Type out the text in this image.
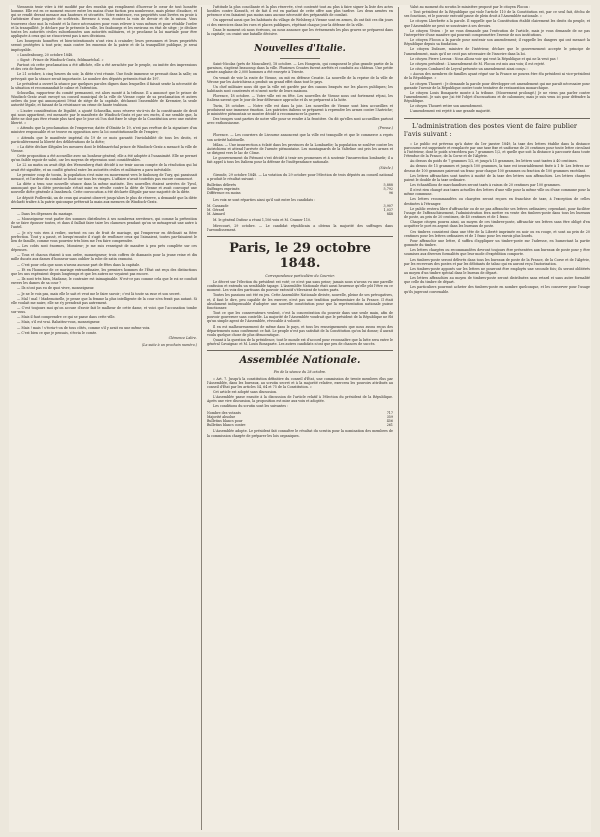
Vienneois tenir vitre à été modifié par des envahis qui remplissent d'horreur le cœur de tout honnête homme. Elle est en ce moment encore entre les mains d'une faction peu nombreuse, mais pleine d'audace, et qui se rendit devant menace aux hauteurs et sécurités. Votre existence, vos propriétés sont livrées en proie à l'arbitraire d'une poignée de scélérats. Revenez à vous, écoutez la voix de devoir et de la raison. Vous trouverez chez moi la volonté et la force nécessaires pour vous relever à vous mêmes et pour rétablir l'ordre et la tranquillité. Je déclare par le présente la ville, les faubourgs et les environs en état de siège ; je déclare toutes les autorités civiles subordonnées aux autorités militaires, et je proclame la loi martiale pour être appliquée à ceux qui ne s'inscrivent pas à mes décisions.

Les bourgeois honnêtes et bien-intentionnés n'ont rien à craindre; leurs personnes et leurs propriétés seront protégées à tout prix; mais contre les ennemis de la patrie et de la tranquillité publique, je serai impitoyable.

» Lundenbourg, 20 octobre 1848.

» Signé : Prince de Windisch-Gratz, feldmaréchal. »

Partout où cette proclamation a été affichée, elle a été arrachée par le peuple, ou imitée des impressions et des cris de fureur.

Le 21 octobre, à cinq heures du soir, la diète s'est réunie. Une foule immense se pressait dans la salle; on prévoyait que la séance serait importante. Le nombre des députés présents était de 197.

Le président a ouvert la séance par quelques paroles dignes dans lesquelles il faisait sentir la nécessité de la situation et recommandait le calme et l'attention.

Schuselka, rapporteur du comité permanent, est alors monté à la tribune. Il a annoncé que le prince de Windisch-Gratz avait envoyé un conseil municipal de la ville de Vienne copie de sa proclamation et autres ordres du jour qui annonçaient l'état de siège de la capitale, déclarant l'assemblée de Kremsier, la seule autorité légale, et faisant de la résistance un crime de haute trahison.

« L'autre considération de légalité, a ajouté Schuselka, nous réserve vis-à-vis de la constituante de droit qui nous appartient, est menacée par le manifeste de Windisch-Gratz et par ses excès, il me semble que, la diète ne doit pas être réunie plus tard que le jour où l'on doit fixer le siège de la Constitution avec une entière liberté. »

« Attendu que la proclamation de l'empereur, datée d'Olmütz le 19, n'est pas revêtue de la signature d'un ministre responsable et se trouve en opposition avec la loi constitutionnelle de l'empire;

» Attendu que le manifeste impérial du 19 de ce mois garantit l'inviolabilité de tous les droits, et particulièrement la liberté des délibérations de la diète;

» La diète déclare illégales les mesures dont le feldmaréchal prince de Windisch-Gratz a menacé la ville de Vienne.

Cette proposition a été accueillie avec un bonheur général; elle a été adoptée à l'unanimité. Elle ne permet qu'un faible espoir de salut, car les moyens de répression sont considérables.

Le 22 au matin on avait déjà des Wessenberg était décidé à ne tenir aucun compte de la résolution qui lui avait été signifiée, et un conflit général entre les autorités civiles et militaires a paru inévitable.

Le premier coup de tocsin, la population s'est mise en mouvement vers le faubourg de Tury, qui paraissait menacé, et l'ardeur du combat se lisait sur tous les visages. L'affaire n'avait toutefois pas encore commencé.

La diète a tenu une nouvelle séance dans la même matinée. Des nouvelles étaient arrivées de Tyrol, annonçant que la diète provinciale s'était mise en révolte contre la diète de Vienne et avait convoqué une nouvelle diète générale à Innsbruck. Cette convocation a été déclarée illégale par une majorité de la diète.

Le député Podlewski, un de ceux qui avaient observé jusqu'alors le plus de réserve, a demandé que la diète déclarât traître à la patrie quiconque prêterait la main aux mesures de Windisch-Gratz.

— Dans les dépenses du mariage.

— Monseigneur veut parler des sommes distribuées à ses nombreux serviteurs, qui comme la prétention de se faire épouser toutes, et dans il faillait faire taire les clameurs pendant qu'on se ménagerait une autre à l'autel.

— Je n'y vois rien à redire, surtout en cas de fruit de mariage, qui l'empereur en déclinait sa fière perfection. Tout y a passé, et lorsqu'ensuite il s'agit de renflouer ceux qui l'aimaient, toutes par-faisaient le lien de famille, comme vous pourriez très bien me l'en faire comprendre.

— Les coûts sont énormes, Monsieur; je me suis renseigné de manière à peu près complète sur ces dépenses.

— Tous et chacun étaient à son ordre, monseigneur; trois coffres de diamants pour la jeune reine et dix mille ducats aux dames d'honneur sans oublier la robe de satin cramoisi.

— C'est pour cela que nous n'avons aucune part de fêtes dans la capitale.

— Et en l'honneur de ce mariage extraordinaire, les premiers hommes de l'État ont reçu des distinctions que les uns espéraient depuis longtemps et que les autres ne voyaient pas encore.

— Ils sont très bien, Madame, le contraire est inimaginable. N'est-ce pas comme cela que le roi se conduit envers les dames de sa cour ?

— Ils n'ont pas eu de quoi vivre, monseigneur.

— Je ne le vois pas, mais elle le sait et veut me le faire savoir ; c'est là toute sa ruse et son secret.

— Mal ! mal ! Mademoiselle, je pense que la femme la plus intelligente de la cour n'en ferait pas autant. Si elle voulait me nuire, elle ne s'y prendrait pas autrement.

— C'est toujours moi qu'on accuse d'avoir fait le malheur de cette dame, et voici que l'accusation tombe sur vous.

— Mais il faut comprendre ce qui se passe dans cette ville.

— Mais, s'il est vrai. Rabattez-vous, monseigneur.

— Mais ! mais ! s'écria-t-on de tous côtés, comme s'il y avait eu une même voix.

— C'est bien ce que je pensais, s'écria le comte.

Clémence Lalire.
(La suite à un prochain numéro.)

l'attitude la plus conciliante et la plus réservée, s'est contenté tout au plus à faire signer la liste des actes hostiles contre Kossuth, et de fait il est en parlant de cette offre aux plus tardive. Les deux armées en présence n'en faisaient pas moins sans aucune nécessité des préparatifs de combat.

On apprend aussi que les habitants du village de Welsberg à Vienne sont en armes, ils ont fait ces dix jours ci des exercices dans les rues et places publiques, répétant chaque jour la défense de la ville.

Dans le moment où nous écrivons, on nous annonce que les événements les plus graves se préparent dans la capitale; on craint une bataille décisive.

Nouvelles d'Italie.

Saint-Nicolas (près de Moncalieri), 18 octobre. — Les Hongrois, qui composent le plus grande partie de la garnison, s'agitent beaucoup dans la ville. Plusieurs Croates furent arrêtés et conduits au château. Une petite armée anglaise de 2,000 hommes a été envoyée à Trieste.

On venait de voir la route de Vienne, on mit en défense Croatie. La nouvelle de la reprise de la ville de Vérone par les Autrichiens a produit un grand effet dans tout le pays.

Un chef militaire nous dit que la ville est gardée par des canons braqués sur les places publiques; les habitants sont consternés et n'osent sortir de leurs maisons.

Florence, 18 octobre. — Votre ville est en fête. Les nouvelles de Vienne nous ont fortement réjoui, les Italiens savent que le jour de leur délivrance approche et ils se préparent à la lutte.

Turin, 18 octobre. — Notre ville est dans la joie. Les nouvelles de Vienne sont bien accueillies et produisent une immense émotion. Les patriotes italiens se préparent à reprendre les armes contre l'Autriche; le ministère piémontais se montre décidé à recommencer la guerre.

Des troupes sont parties de notre ville pour se rendre à la frontière. On dit qu'elles sont accueillies partout avec enthousiasme.

(Presse.)

Florence. — Les courriers de Livourne annoncent que la ville est tranquille et que le commerce a repris son activité habituelle.

Milan. — Une insurrection a éclaté dans les provinces de la Lombardie; la population se soulève contre les Autrichiens et attend l'arrivée de l'armée piémontaise. Les montagnards de la Valteline ont pris les armes et se dirigent vers le lac de Côme.

Le gouvernement du Piémont s'est décidé à tenir ses promesses et à soutenir l'insurrection lombarde; il a fait appel à tous les Italiens pour la défense de l'indépendance nationale.

(Siècle.)

Gironde, 29 octobre 1848. — La votation du 29 octobre pour l'élection de trois députés au conseil national a produit le résultat suivant :

Bulletins délivrés	5,888
Suffrages exprimés	5,792
Différence en moins	96

Les voix se sont réparties ainsi qu'il suit entre les candidats :

M. Cassaude	3,907
M. Gérard	1,037
M. Aimard	848

M. le général Dufour a réuni 1,106 voix et M. Cramer 110.

Mirecourt, 29 octobre. — Le candidat républicain a obtenu la majorité des suffrages dans l'arrondissement.

Paris, le 29 octobre 1848.
Correspondance particulière du Courrier.

Le décret sur l'élection du président est voté; ce n'est pas sans peine; jamais nous n'avons vu une pareille confusion et entendu un semblable tapage. L'Assemblée Nationale était aussi heureuse qu'elle pût l'être en ce moment. Les voix des partisans du pouvoir exécutif s'élevaient de toutes parts.

Toutes les passions ont été en jeu. Cette Assemblée Nationale divisée, nouvelle, pleine de ses prérogatives, et, il faut le dire, peu capable de les exercer, n'est pas une tradition parlementaire de la France. Il était absolument indispensable d'adopter une nouvelle constitution pour que la représentation nationale puisse fonctionner.

Tout ce que les conservateurs veulent, c'est la concentration du pouvoir dans une seule main, afin de pouvoir gouverner sans contrôle. La majorité de l'Assemblée voudrait que le président de la République ne fût qu'un simple agent de l'Assemblée, révocable à volonté.

Il en est malheureusement de même dans le pays, et tous les renseignements que nous avons reçus des départements nous confirment ce fait. Le peuple n'est pas satisfait de la Constitution qu'on lui donne; il aurait voulu quelque chose de plus démocratique.

Quant à la question de la présidence, tout le monde est d'accord pour reconnaître que la lutte sera entre le général Cavaignac et M. Louis Bonaparte. Les autres candidats n'ont que peu de chances de succès.

Assemblée Nationale.
Fin de la séance du 28 octobre.

« Art. 7. Jusqu'à la constitution définitive du conseil d'État, une commission de trente membres élus par l'Assemblée, dans les bureaux, au scrutin secret et à la majorité relative, exercera les pouvoirs attribués au conseil d'État par les articles 54, 64 et 75 de la Constitution. »

Cet article est adopté sans discussion.

L'Assemblée passe ensuite à la discussion de l'article relatif à l'élection du président de la République. Après une vive discussion, la proposition est mise aux voix et adoptée.

Les conditions du scrutin sont les suivantes :

Nombre des votants	717
Majorité absolue	359
Bulletins blancs pour	456
Bulletins blancs contre	261

L'Assemblée adopte. Le président fait connaître le résultat du scrutin pour la nomination des membres de la commission chargée de préparer les lois organiques.

Valut au moment du scrutin le ministère proposé par le citoyen Flocon :

« Tout président de la République qui viole l'article 110 de la Constitution est, par ce seul fait, déchu de ses fonctions, et le pouvoir exécutif passe de plein droit à l'Assemblée nationale. »

Le citoyen Lherbette a la parole. Il rappelle que la Constitution établit clairement les droits du peuple, et que l'Assemblée ne peut se soustraire à ses devoirs.

Le citoyen Vivien : Je ne vous demande pas l'exécution de l'article, mais je vous demande de ne pas l'interpréter d'une manière qui pourrait compromettre l'avenir de nos institutions.

Le citoyen Flocon a la parole pour soutenir son amendement; il rappelle les dangers qui ont menacé la République depuis sa fondation.

Le citoyen Dufaure, ministre de l'intérieur, déclare que le gouvernement accepte le principe de l'amendement, mais qu'il ne croit pas nécessaire de l'inscrire dans la loi.

Le citoyen Pierre Leroux : Nous allons voir qui veut la République et qui ne la veut pas !

Le citoyen président : L'amendement de M. Flocon est mis aux voix; il est rejeté.

Le citoyen Combarel de Leyval présente un amendement ainsi conçu :

« Aucun des membres de familles ayant régné sur la France ne pourra être élu président ni vice-président de la République. »

Le citoyen Thouret : Je demande la parole pour développer cet amendement qui me paraît nécessaire pour garantir l'avenir de la République contre toute tentative de restauration monarchique.

Le citoyen Louis Bonaparte monte à la tribune. (Mouvement prolongé.) Je ne viens pas parler contre l'amendement. Je sais que j'ai été l'objet d'accusations et de calomnies; mais je suis venu ici pour défendre la République.

Le citoyen Thouret retire son amendement.

L'amendement est rejeté à une grande majorité.

L'administration des postes vient de faire publier l'avis suivant :

« Le public est prévenu qu'à dater du 1er janvier 1849, la taxe des lettres établie dans la distance parcourue est supprimée et remplacée par une taxe fixe et uniforme de 20 centimes pour toute lettre circulant à l'intérieur, dont le poids n'excédera pas 7 grammes 1/2, et quelle que soit la distance à parcourir dans toute l'étendue de la France, de la Corse et de l'Algérie.

Au dessus du poids de 7 grammes 1/2, et jusqu'à 15 grammes, les lettres sont taxées à 40 centimes.

Au dessus de 15 grammes et jusqu'à 100 grammes, la taxe est invariablement fixée à 1 fr. Les lettres au-dessus de 100 grammes paieront un franc pour chaque 100 grammes ou fraction de 100 grammes excédant.

Les lettres affranchies sont taxées à moitié de la taxe des lettres non affranchies. Les lettres chargées paient le double de la taxe ordinaire.

Les échantillons de marchandises seront taxés à raison de 20 centimes par 100 grammes.

Il n'est rien changé aux taxes actuelles des lettres d'une ville pour la même ville ou d'une commune pour la même commune.

Les lettres recommandées ou chargées seront reçues en franchise de taxe, à l'exception de celles destinées à l'étranger.

Le public restera libre d'affranchir ou de ne pas affranchir ses lettres ordinaires; cependant, pour faciliter l'usage de l'affranchissement, l'administration fera mettre en vente des timbres-poste dans tous les bureaux de poste, au prix de 20 centimes, de 40 centimes et de 1 franc.

Chaque citoyen pourra ainsi, au moyen de ces timbres-poste, affranchir ses lettres sans être obligé d'en acquitter le port en argent dans les bureaux de poste.

Ces timbres consistent dans une tête de la Liberté imprimée en noir ou en rouge, et sont au prix de 20 centimes pour les lettres ordinaires et de 1 franc pour les envois plus lourds.

Pour affranchir une lettre, il suffira d'appliquer un timbre-poste sur l'adresse, en humectant la partie gommée du timbre.

Les lettres chargées ou recommandées devront toujours être présentées aux bureaux de poste pour y être soumises aux diverses formalités que leur mode d'expédition comporte.

Les timbres-poste seront délivrés dans tous les bureaux de poste de la France, de la Corse et de l'Algérie, par les receveurs des postes et par les débitants de tabac qui en auront reçu l'autorisation.

Les timbres-poste apposés sur les lettres ne pourront être employés une seconde fois; ils seront oblitérés au moyen d'un timbre spécial dans le bureau de départ.

Les lettres affranchies au moyen de timbres-poste seront distribuées sans retard et sans autre formalité que celle du timbre de départ.

Les particuliers pourront acheter des timbres-poste en nombre quelconque, et les conserver pour l'usage qu'ils jugeront convenable.
